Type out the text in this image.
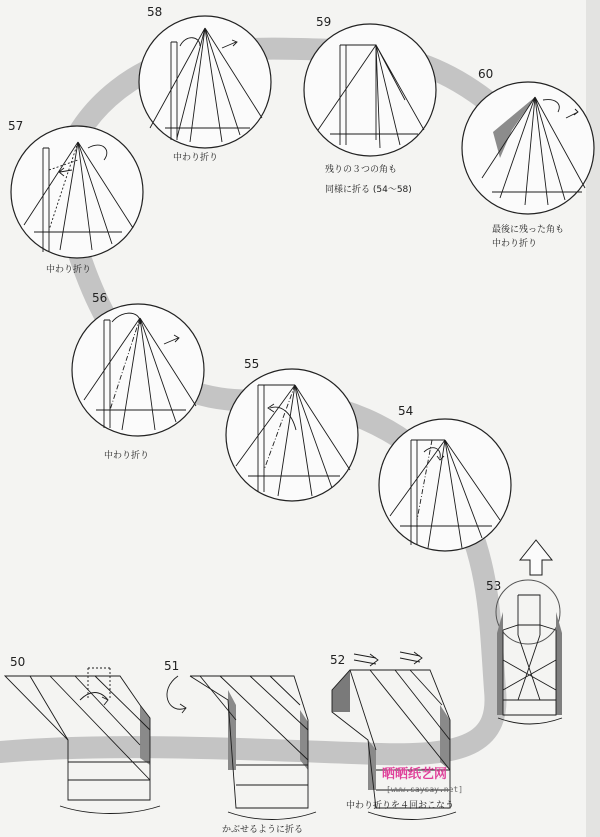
58
中わり折り
59
残りの３つの角も
同様に折る (54〜58)
60
最後に残った角も
中わり折り
57
中わり折り
56
中わり折り
55
54
53
50	51
かぶせるように折る
52
中わり折りを４回おこなう
晒晒纸艺网
[www.saysay.net]
